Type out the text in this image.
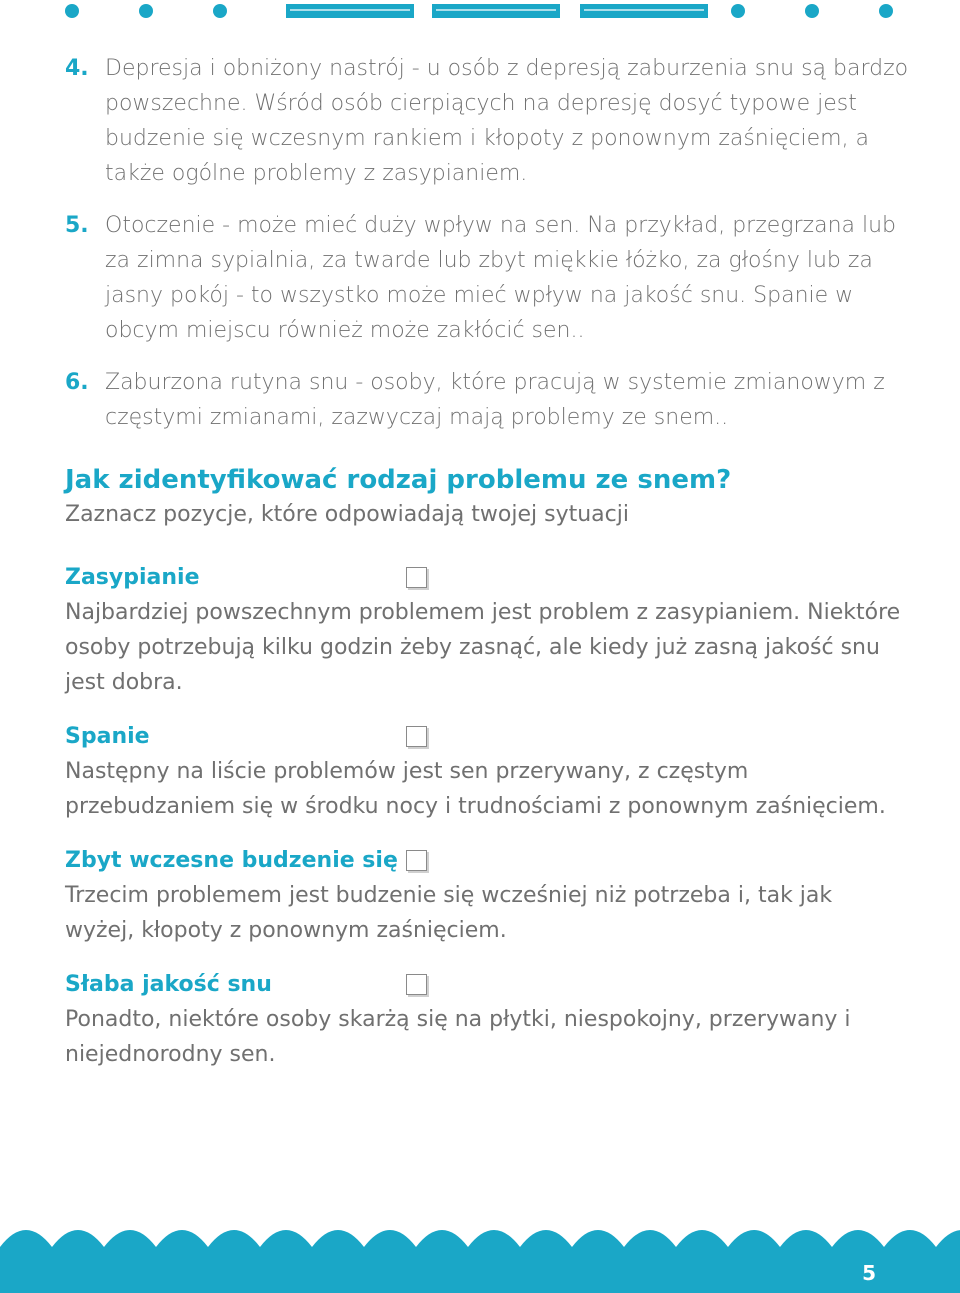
4. Depresja i obniżony nastrój - u osób z depresją zaburzenia snu są bardzo powszechne. Wśród osób cierpiących na depresję dosyć typowe jest budzenie się wczesnym rankiem i kłopoty z ponownym zaśnięciem, a także ogólne problemy z zasypianiem.
5. Otoczenie - może mieć duży wpływ na sen. Na przykład, przegrzana lub za zimna sypialnia, za twarde lub zbyt miękkie łóżko, za głośny lub za jasny pokój - to wszystko może mieć wpływ na jakość snu. Spanie w obcym miejscu również może zakłócić sen..
6. Zaburzona rutyna snu - osoby, które pracują w systemie zmianowym z częstymi zmianami, zazwyczaj mają problemy ze snem..
Jak zidentyfikować rodzaj problemu ze snem?
Zaznacz pozycje, które odpowiadają twojej sytuacji
Zasypianie
Najbardziej powszechnym problemem jest problem z zasypianiem. Niektóre osoby potrzebują kilku godzin żeby zasnąć, ale kiedy już zasną jakość snu jest dobra.
Spanie
Następny na liście problemów jest sen przerywany, z częstym przebudzaniem się w środku nocy i trudnościami z ponownym zaśnięciem.
Zbyt wczesne budzenie się
Trzecim problemem jest budzenie się wcześniej niż potrzeba i, tak jak wyżej, kłopoty z ponownym zaśnięciem.
Słaba jakość snu
Ponadto, niektóre osoby skarżą się na płytki, niespokojny, przerywany i niejednorodny sen.
5
